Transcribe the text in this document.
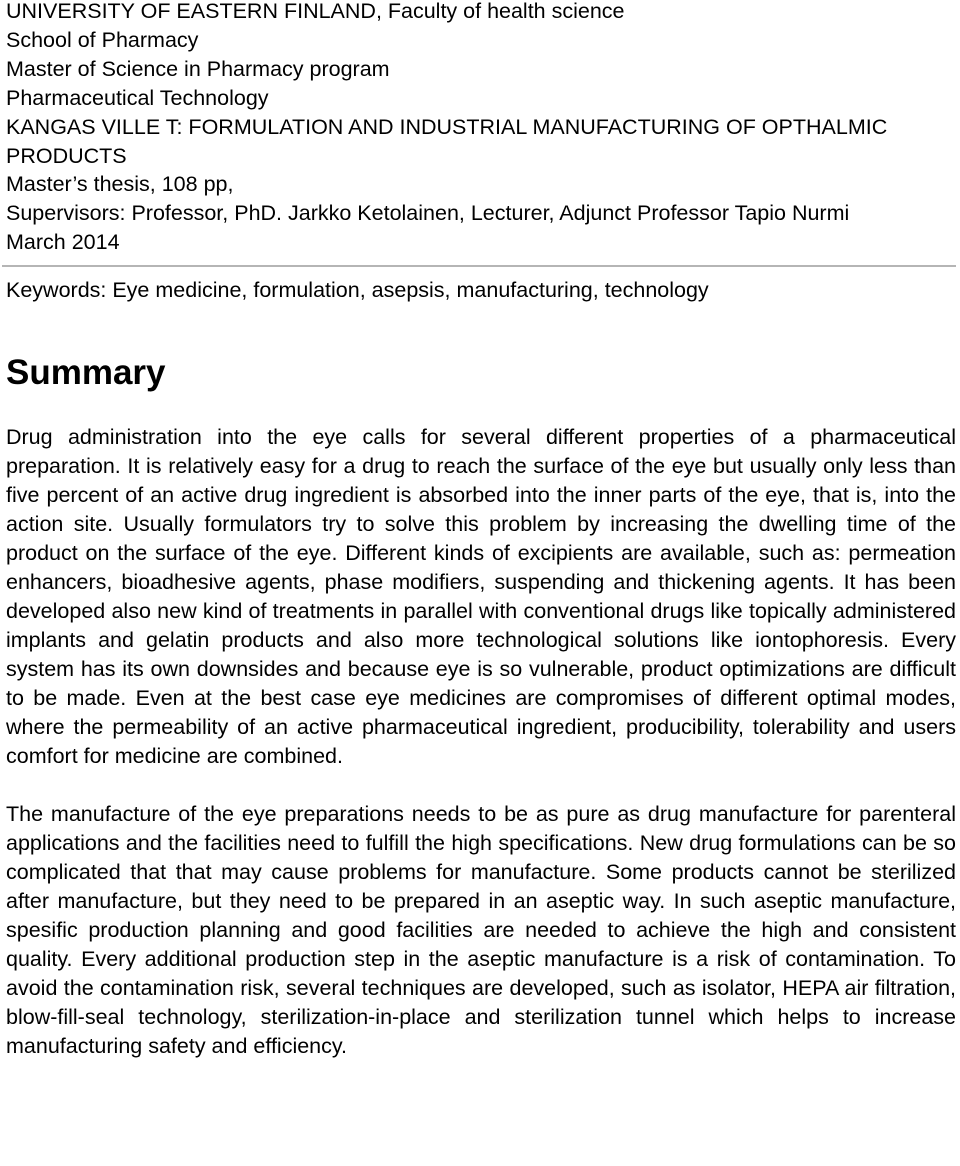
UNIVERSITY OF EASTERN FINLAND, Faculty of health science
School of Pharmacy
Master of Science in Pharmacy program
Pharmaceutical Technology
KANGAS VILLE T: FORMULATION AND INDUSTRIAL MANUFACTURING OF OPTHALMIC PRODUCTS
Master’s thesis, 108 pp,
Supervisors: Professor, PhD. Jarkko Ketolainen, Lecturer, Adjunct Professor Tapio Nurmi
March 2014
Keywords: Eye medicine, formulation, asepsis, manufacturing, technology
Summary

Drug administration into the eye calls for several different properties of a pharmaceutical preparation. It is relatively easy for a drug to reach the surface of the eye but usually only less than five percent of an active drug ingredient is absorbed into the inner parts of the eye, that is, into the action site. Usually formulators try to solve this problem by increasing the dwelling time of the product on the surface of the eye. Different kinds of excipients are available, such as: permeation enhancers, bioadhesive agents, phase modifiers, suspending and thickening agents. It has been developed also new kind of treatments in parallel with conventional drugs like topically administered implants and gelatin products and also more technological solutions like iontophoresis. Every system has its own downsides and because eye is so vulnerable, product optimizations are difficult to be made. Even at the best case eye medicines are compromises of different optimal modes, where the permeability of an active pharmaceutical ingredient, producibility, tolerability and users comfort for medicine are combined.

The manufacture of the eye preparations needs to be as pure as drug manufacture for parenteral applications and the facilities need to fulfill the high specifications. New drug formulations can be so complicated that that may cause problems for manufacture. Some products cannot be sterilized after manufacture, but they need to be prepared in an aseptic way. In such aseptic manufacture, spesific production planning and good facilities are needed to achieve the high and consistent quality. Every additional production step in the aseptic manufacture is a risk of contamination. To avoid the contamination risk, several techniques are developed, such as isolator, HEPA air filtration, blow-fill-seal technology, sterilization-in-place and sterilization tunnel which helps to increase manufacturing safety and efficiency.
